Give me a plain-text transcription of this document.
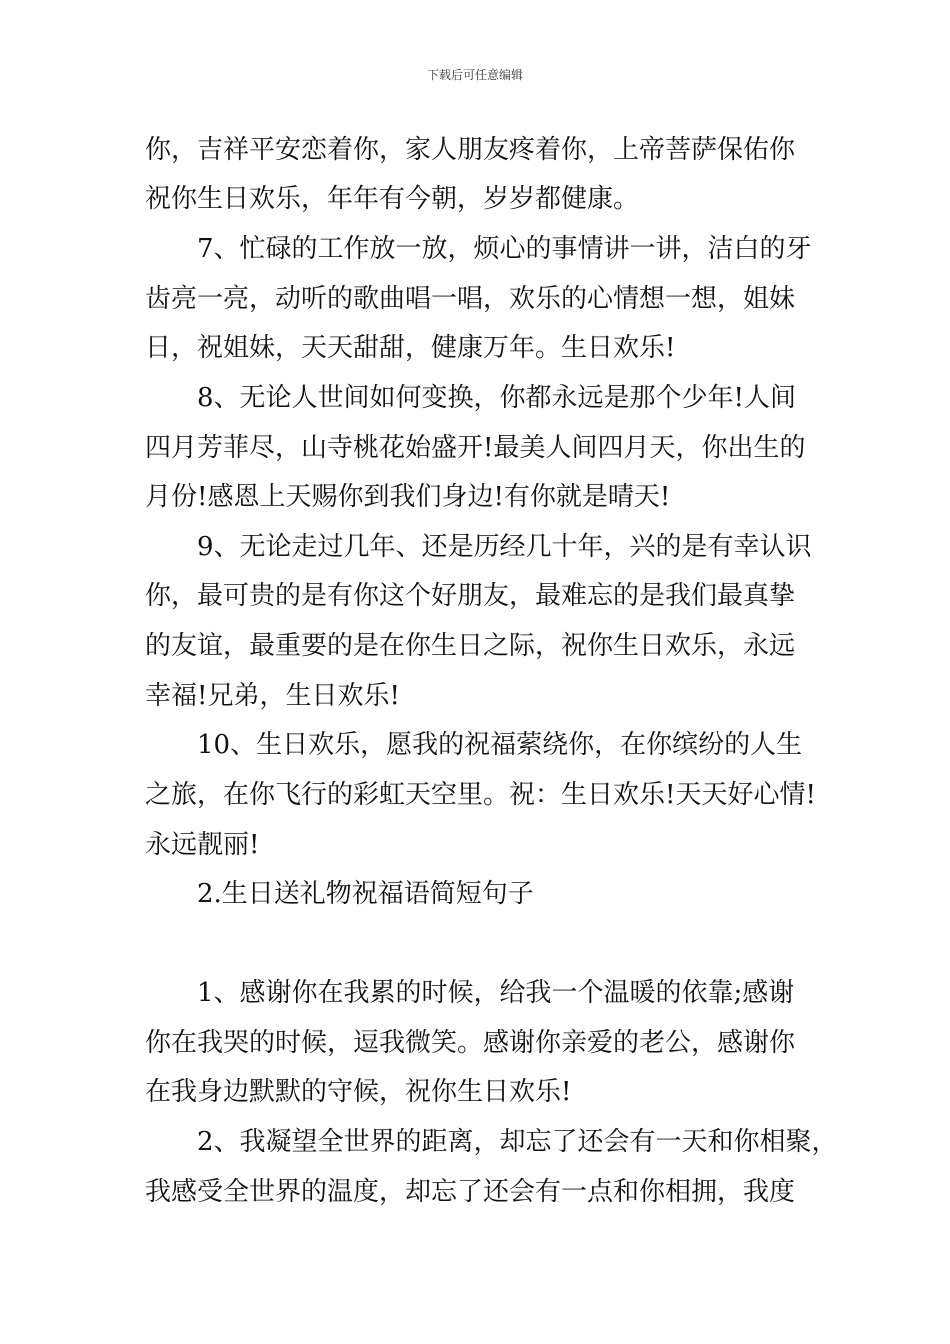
下载后可任意编辑
你，吉祥平安恋着你，家人朋友疼着你，上帝菩萨保佑你
祝你生日欢乐，年年有今朝，岁岁都健康。
7、忙碌的工作放一放，烦心的事情讲一讲，洁白的牙
齿亮一亮，动听的歌曲唱一唱，欢乐的心情想一想，姐妹
日，祝姐妹，天天甜甜，健康万年。生日欢乐!
8、无论人世间如何变换，你都永远是那个少年!人间
四月芳菲尽，山寺桃花始盛开!最美人间四月天，你出生的
月份!感恩上天赐你到我们身边!有你就是晴天!
9、无论走过几年、还是历经几十年，兴的是有幸认识
你，最可贵的是有你这个好朋友，最难忘的是我们最真挚
的友谊，最重要的是在你生日之际，祝你生日欢乐，永远
幸福!兄弟，生日欢乐!
10、生日欢乐，愿我的祝福萦绕你，在你缤纷的人生
之旅，在你飞行的彩虹天空里。祝：生日欢乐!天天好心情!
永远靓丽!
2.生日送礼物祝福语简短句子
1、感谢你在我累的时候，给我一个温暖的依靠;感谢
你在我哭的时候，逗我微笑。感谢你亲爱的老公，感谢你
在我身边默默的守候，祝你生日欢乐!
2、我凝望全世界的距离，却忘了还会有一天和你相聚，
我感受全世界的温度，却忘了还会有一点和你相拥，我度
